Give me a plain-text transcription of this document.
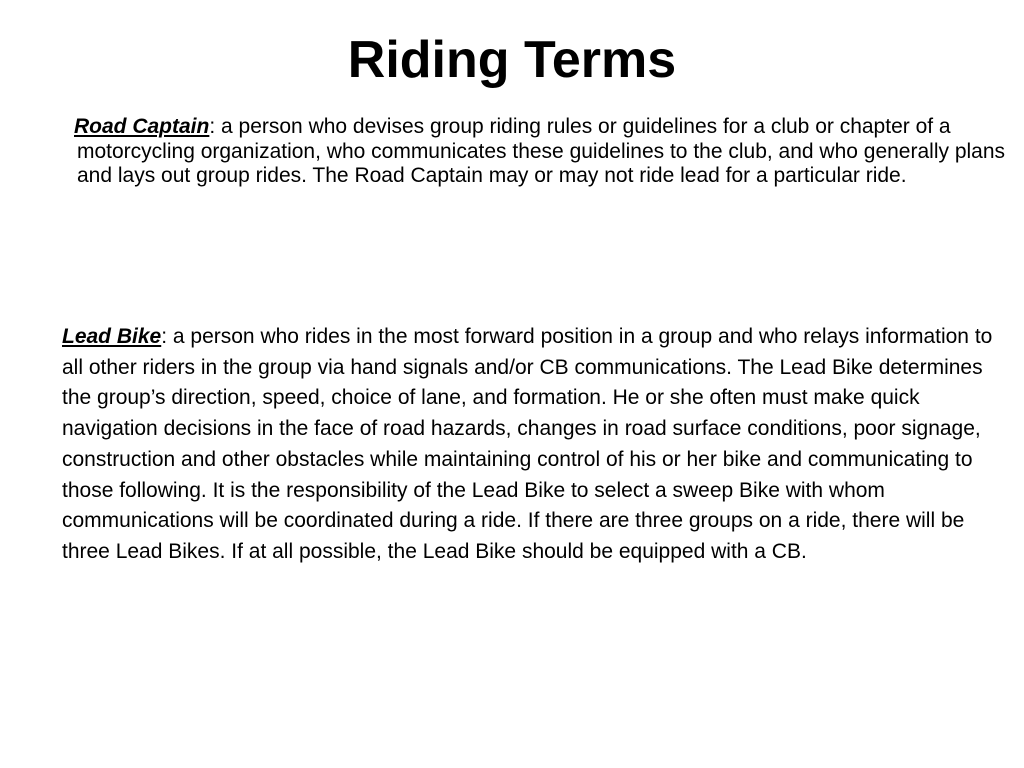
Riding Terms
Road Captain: a person who devises group riding rules or guidelines for a club or chapter of a motorcycling organization, who communicates these guidelines to the club, and who generally plans and lays out group rides. The Road Captain may or may not ride lead for a particular ride.
Lead Bike: a person who rides in the most forward position in a group and who relays information to all other riders in the group via hand signals and/or CB communications. The Lead Bike determines the group’s direction, speed, choice of lane, and formation. He or she often must make quick navigation decisions in the face of road hazards, changes in road surface conditions, poor signage, construction and other obstacles while maintaining control of his or her bike and communicating to those following. It is the responsibility of the Lead Bike to select a sweep Bike with whom communications will be coordinated during a ride. If there are three groups on a ride, there will be three Lead Bikes. If at all possible, the Lead Bike should be equipped with a CB.
